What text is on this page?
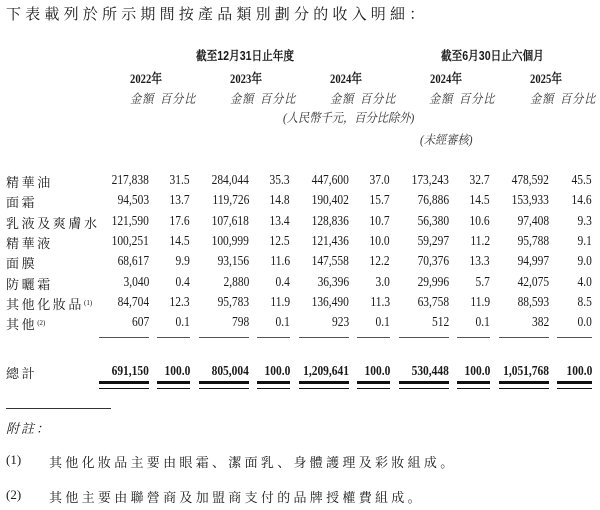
下表載列於所示期間按產品類別劃分的收入明細：
截至12月31日止年度	截至6月30日止六個月
2022年	2023年	2024年	2024年	2025年
金額 百分比	金額 百分比	金額 百分比	金額 百分比	金額 百分比
(人民幣千元，百分比除外)
(未經審核)
精華油	217,838 31.5 284,044 35.3 447,600 37.0 173,243 32.7 478,592 45.5
面霜	94,503 13.7 119,726 14.8 190,402 15.7 76,886 14.5 153,933 14.6
乳液及爽膚水 121,590 17.6 107,618 13.4 128,836 10.7 56,380 10.6 97,408 9.3
精華液	100,251 14.5 100,999 12.5 121,436 10.0 59,297 11.2 95,788 9.1
面膜	68,617 9.9 93,156 11.6 147,558 12.2 70,376 13.3 94,997 9.0
防曬霜	3,040 0.4 2,880 0.4 36,396 3.0 29,996 5.7 42,075 4.0
其他化妝品$^{(1)}$ 84,704 12.3 95,783 11.9 136,490 11.3 63,758 11.9 88,593 8.5
其他$^{(2)}$	607 0.1	798 0.1	923 0.1	512 0.1	382 0.0
總計	691,150 100.0 805,004 100.0 1,209,641 100.0 530,448 100.0 1,051,768 100.0
附註：
(1) 其他化妝品主要由眼霜、潔面乳、身體護理及彩妝組成。
(2) 其他主要由聯營商及加盟商支付的品牌授權費組成。
